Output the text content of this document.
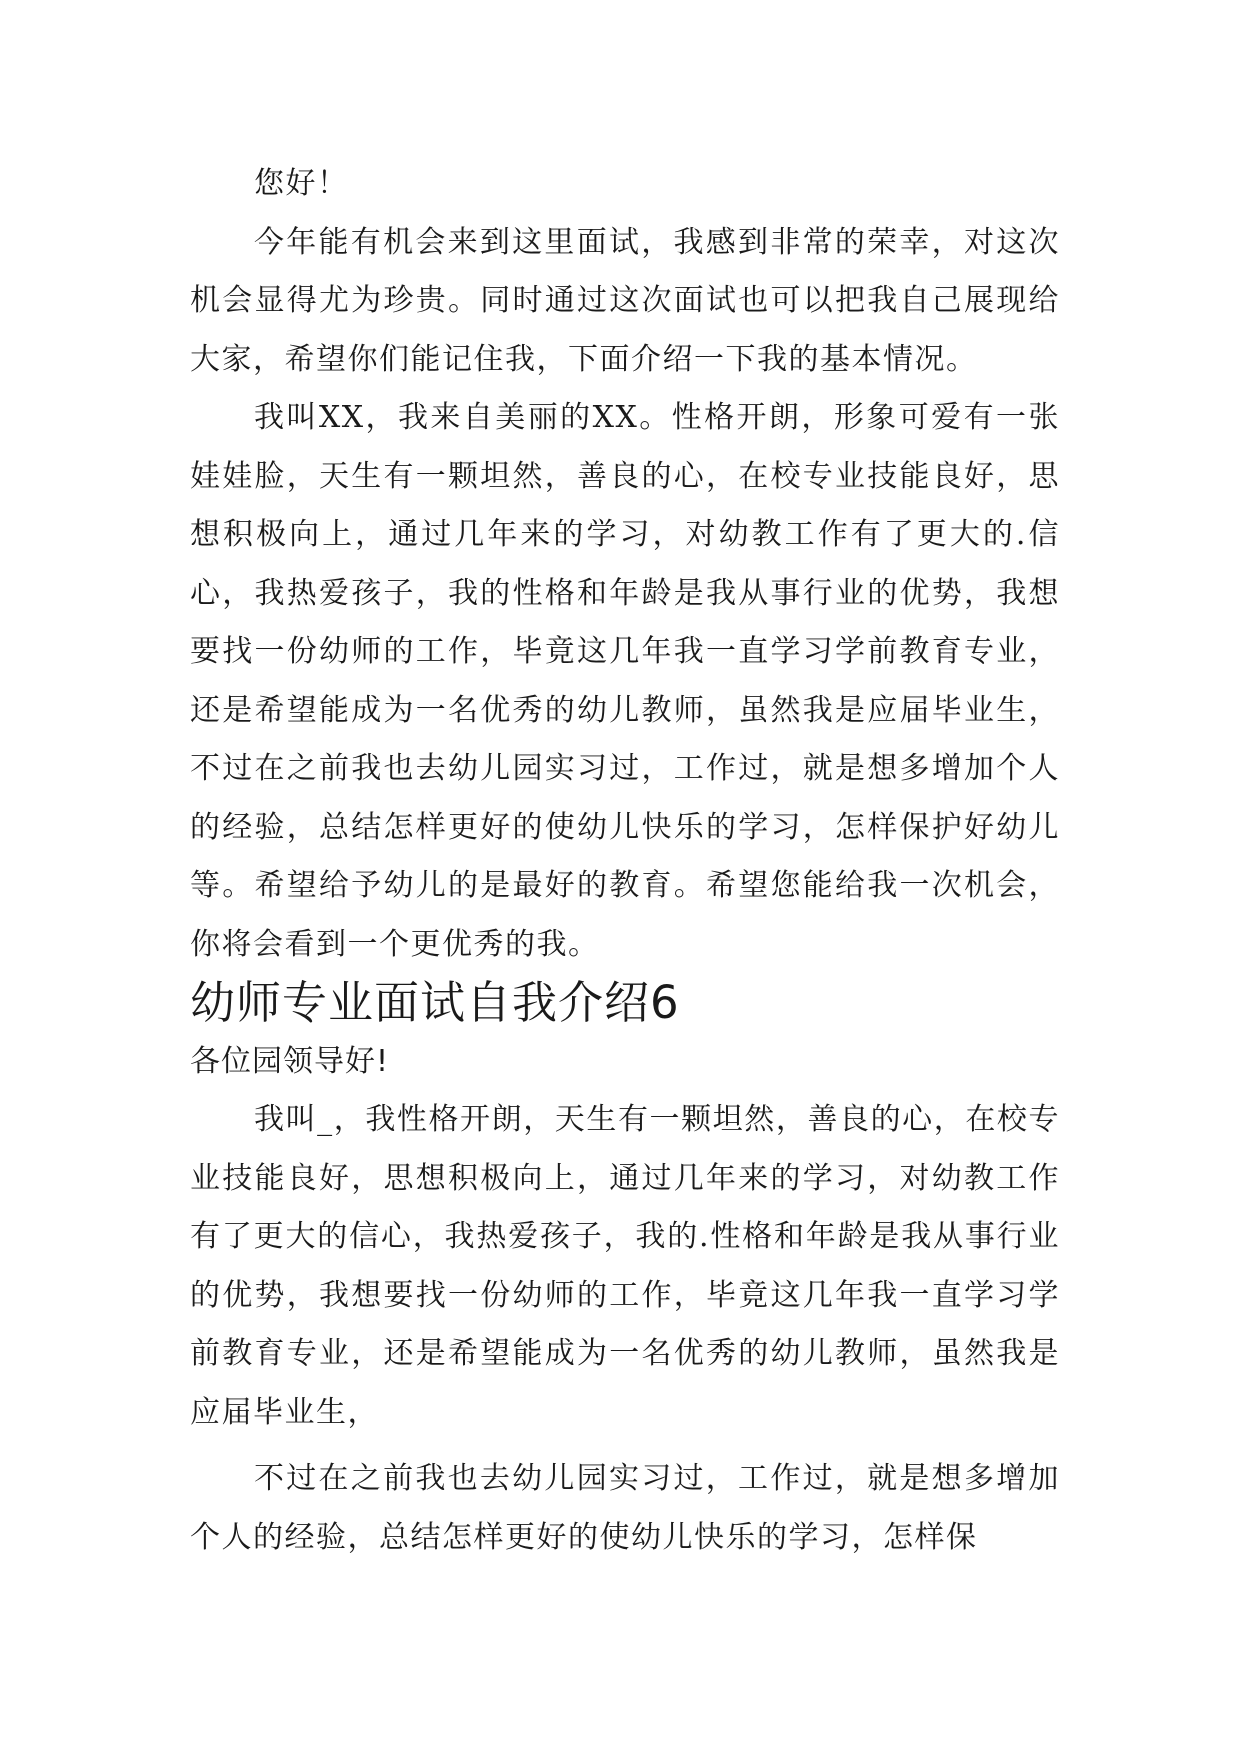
您好！

今年能有机会来到这里面试，我感到非常的荣幸，对这次机会显得尤为珍贵。同时通过这次面试也可以把我自己展现给大家，希望你们能记住我，下面介绍一下我的基本情况。

我叫XX，我来自美丽的XX。性格开朗，形象可爱有一张娃娃脸，天生有一颗坦然，善良的心，在校专业技能良好，思想积极向上，通过几年来的学习，对幼教工作有了更大的.信心，我热爱孩子，我的性格和年龄是我从事行业的优势，我想要找一份幼师的工作，毕竟这几年我一直学习学前教育专业，还是希望能成为一名优秀的幼儿教师，虽然我是应届毕业生，不过在之前我也去幼儿园实习过，工作过，就是想多增加个人的经验，总结怎样更好的使幼儿快乐的学习，怎样保护好幼儿等。希望给予幼儿的是最好的教育。希望您能给我一次机会，你将会看到一个更优秀的我。

幼师专业面试自我介绍6

各位园领导好!

我叫_，我性格开朗，天生有一颗坦然，善良的心，在校专业技能良好，思想积极向上，通过几年来的学习，对幼教工作有了更大的信心，我热爱孩子，我的.性格和年龄是我从事行业的优势，我想要找一份幼师的工作，毕竟这几年我一直学习学前教育专业，还是希望能成为一名优秀的幼儿教师，虽然我是应届毕业生，

不过在之前我也去幼儿园实习过，工作过，就是想多增加个人的经验，总结怎样更好的使幼儿快乐的学习，怎样保
